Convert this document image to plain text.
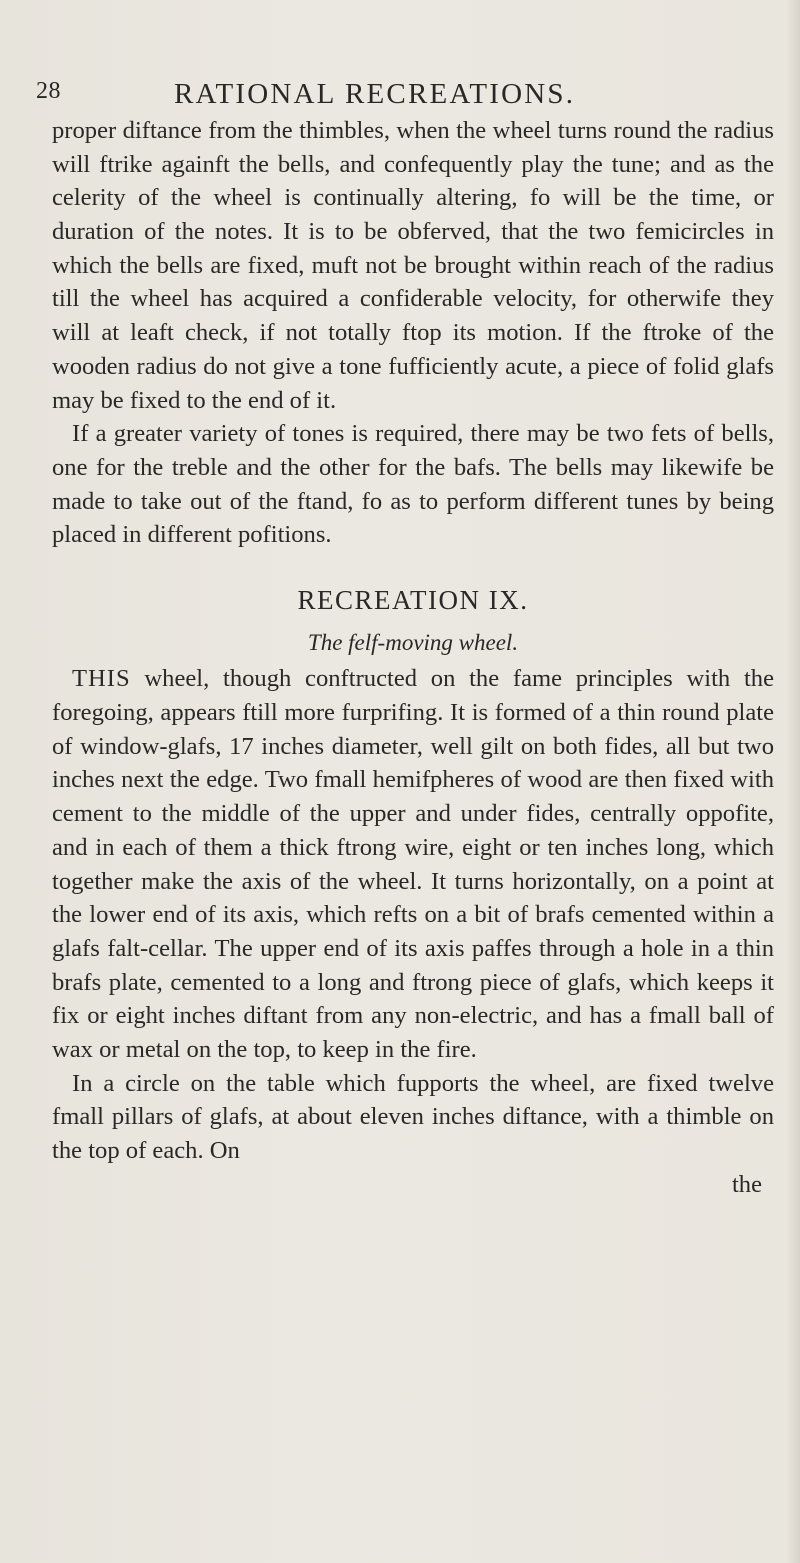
28	RATIONAL RECREATIONS.

proper diftance from the thimbles, when the wheel turns round the radius will ftrike againft the bells, and confequently play the tune; and as the celerity of the wheel is continually altering, fo will be the time, or duration of the notes. It is to be obferved, that the two femicircles in which the bells are fixed, muft not be brought within reach of the radius till the wheel has acquired a confiderable velocity, for otherwife they will at leaft check, if not totally ftop its motion. If the ftroke of the wooden radius do not give a tone fufficiently acute, a piece of folid glafs may be fixed to the end of it.

If a greater variety of tones is required, there may be two fets of bells, one for the treble and the other for the bafs. The bells may likewife be made to take out of the ftand, fo as to perform different tunes by being placed in different pofitions.

RECREATION IX.
The felf-moving wheel.

THIS wheel, though conftructed on the fame principles with the foregoing, appears ftill more furprifing. It is formed of a thin round plate of window-glafs, 17 inches diameter, well gilt on both fides, all but two inches next the edge. Two fmall hemifpheres of wood are then fixed with cement to the middle of the upper and under fides, centrally oppofite, and in each of them a thick ftrong wire, eight or ten inches long, which together make the axis of the wheel. It turns horizontally, on a point at the lower end of its axis, which refts on a bit of brafs cemented within a glafs falt-cellar. The upper end of its axis paffes through a hole in a thin brafs plate, cemented to a long and ftrong piece of glafs, which keeps it fix or eight inches diftant from any non-electric, and has a fmall ball of wax or metal on the top, to keep in the fire.

In a circle on the table which fupports the wheel, are fixed twelve fmall pillars of glafs, at about eleven inches diftance, with a thimble on the top of each. On

the
